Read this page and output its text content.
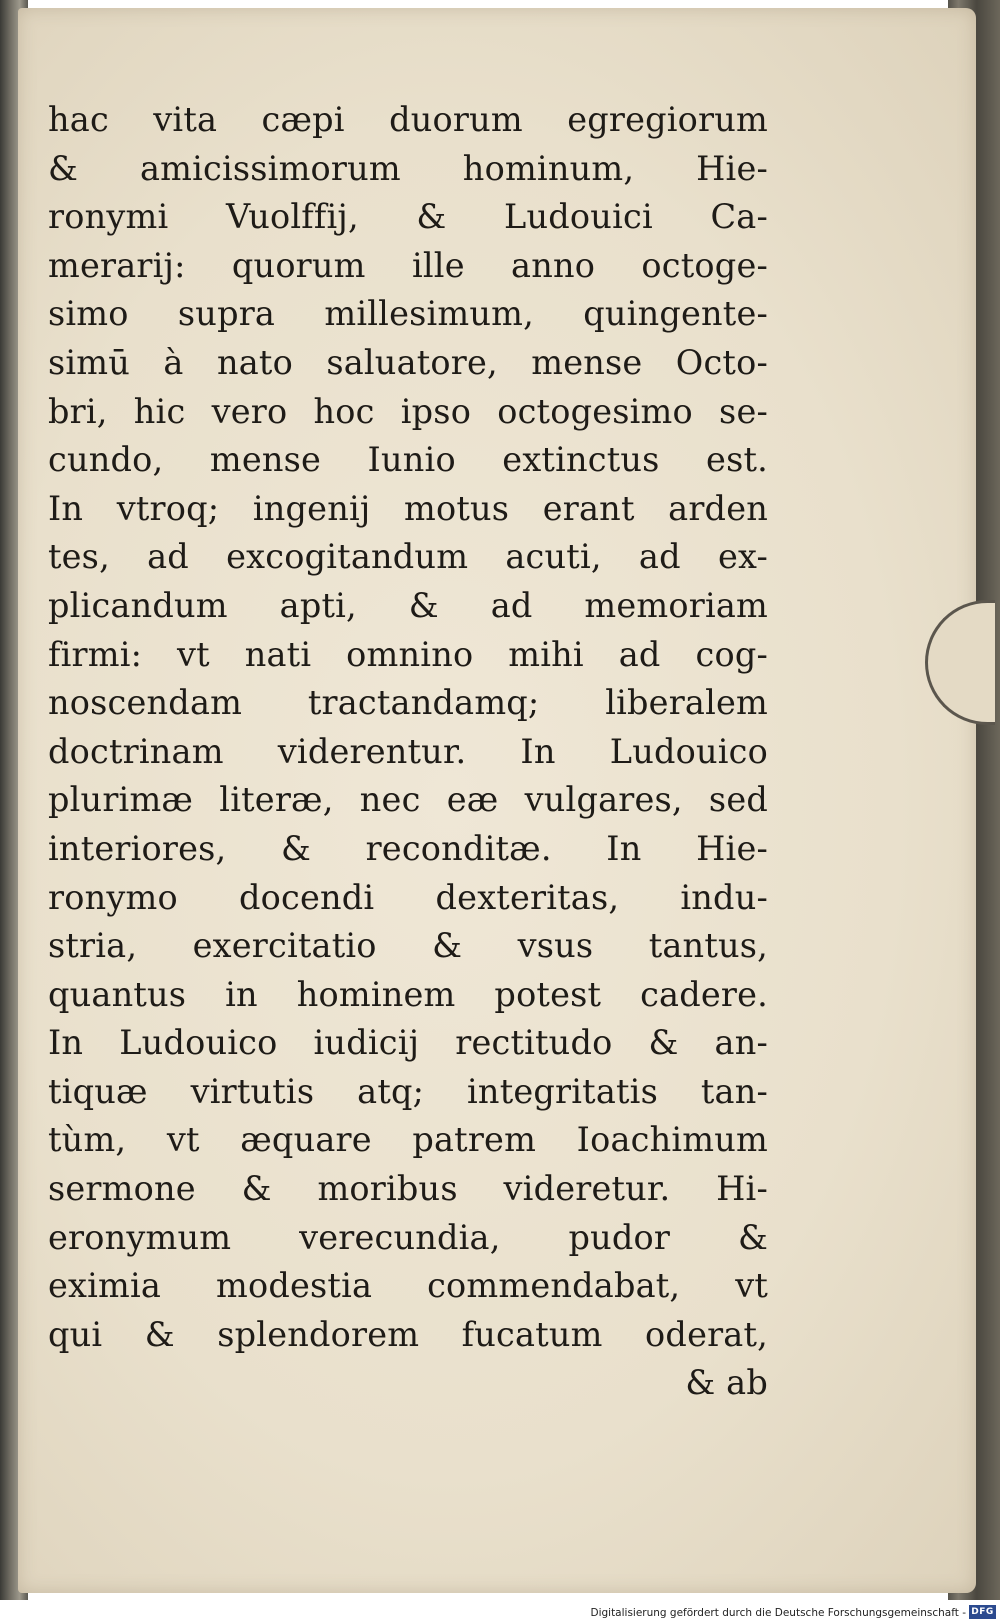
hac vita cæpi duorum egregiorum
& amicissimorum hominum, Hie-
ronymi Vuolffij, & Ludouici Ca-
merarij: quorum ille anno octoge-
simo supra millesimum, quingente-
simū à nato saluatore, mense Octo-
bri, hic vero hoc ipso octogesimo se-
cundo, mense Iunio extinctus est.
In vtroq; ingenij motus erant arden
tes, ad excogitandum acuti, ad ex-
plicandum apti, & ad memoriam
firmi: vt nati omnino mihi ad cog-
noscendam tractandamq; liberalem
doctrinam viderentur. In Ludouico
plurimæ literæ, nec eæ vulgares, sed
interiores, & reconditæ. In Hie-
ronymo docendi dexteritas, indu-
stria, exercitatio & vsus tantus,
quantus in hominem potest cadere.
In Ludouico iudicij rectitudo & an-
tiquæ virtutis atq; integritatis tan-
tùm, vt æquare patrem Ioachimum
sermone & moribus videretur. Hi-
eronymum verecundia, pudor &
eximia modestia commendabat, vt
qui & splendorem fucatum oderat,
& ab
Digitalisierung gefördert durch die Deutsche Forschungsgemeinschaft - DFG
